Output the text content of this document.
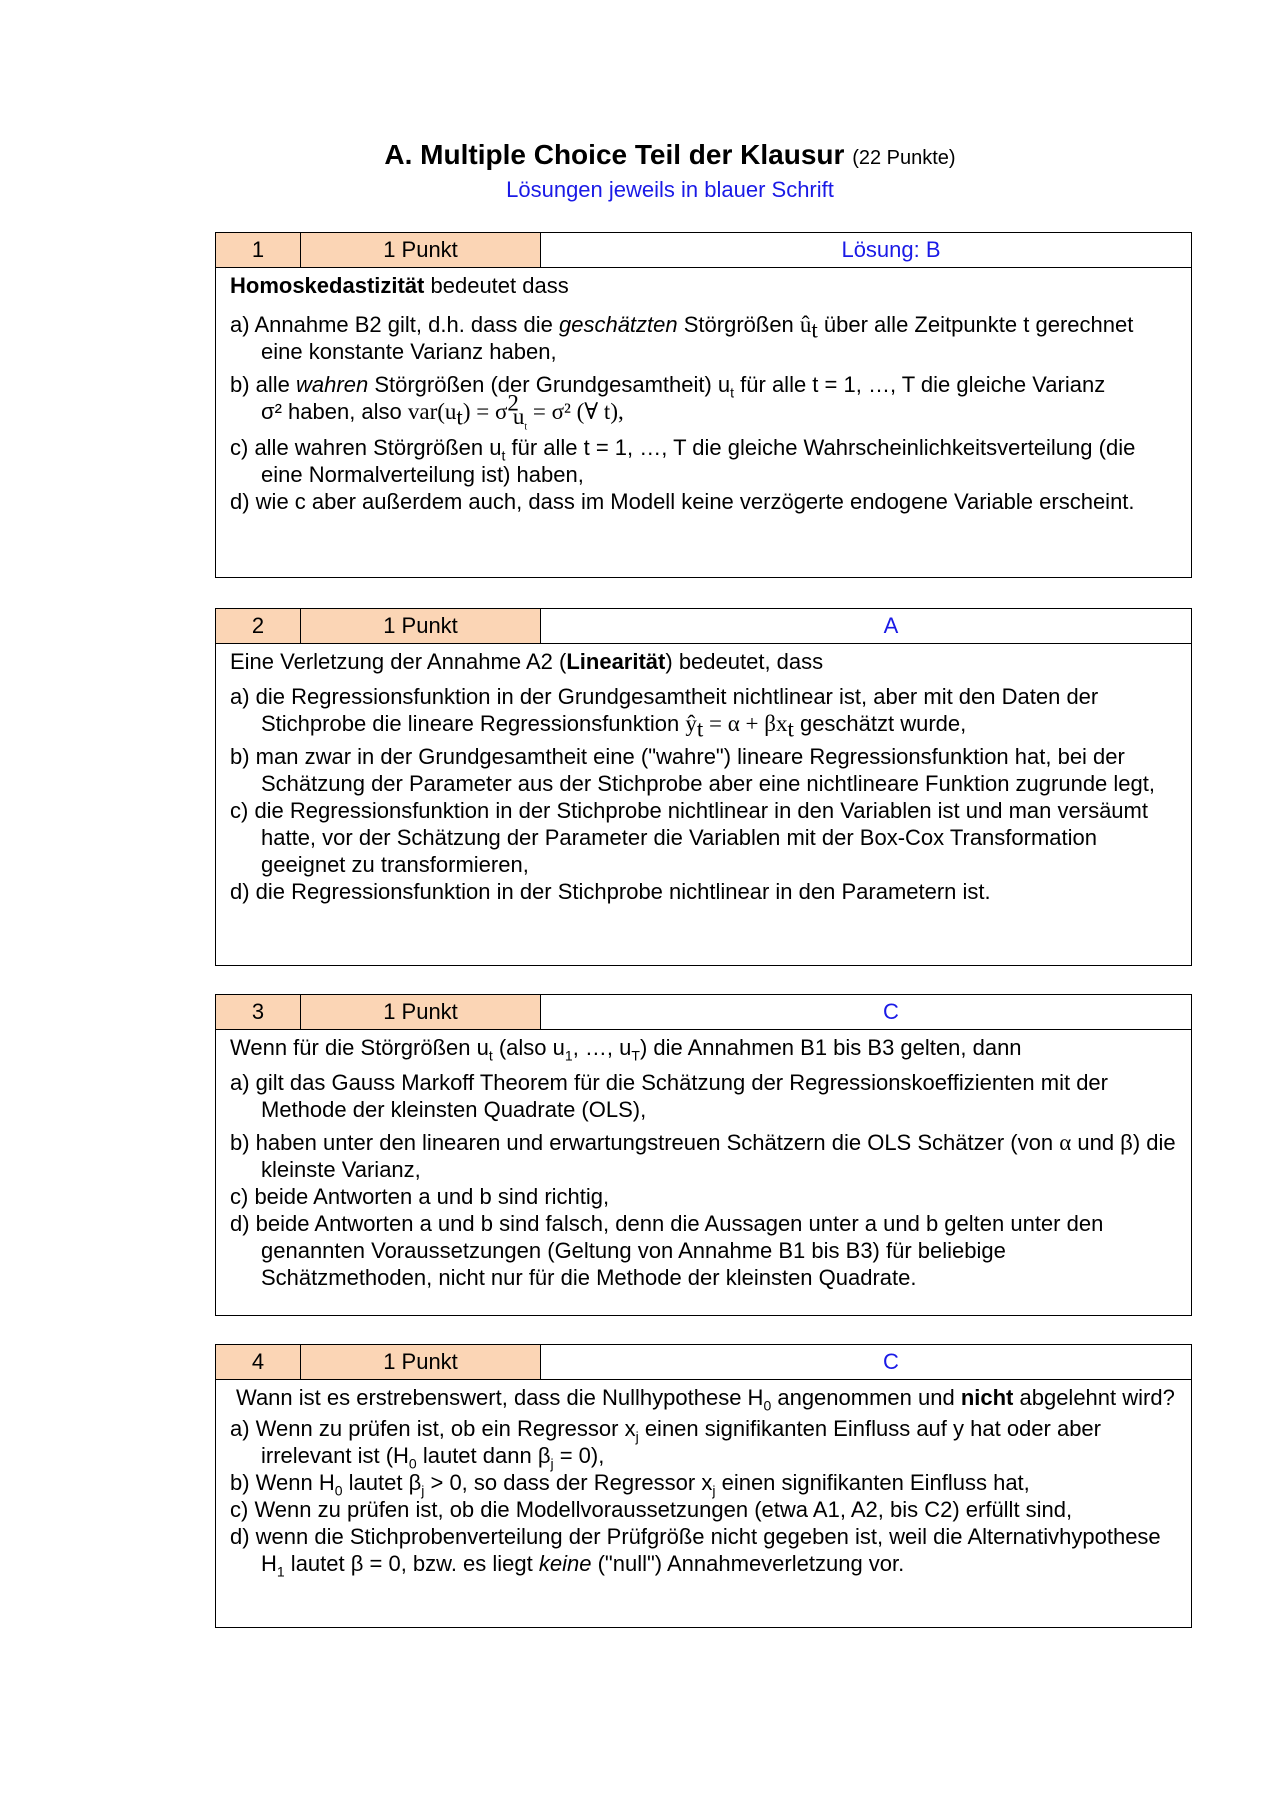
A. Multiple Choice Teil der Klausur (22 Punkte)
Lösungen jeweils in blauer Schrift
1	1 Punkt	Lösung: B

Homoskedastizität bedeutet dass

a) Annahme B2 gilt, d.h. dass die geschätzten Störgrößen $û_t$ über alle Zeitpunkte t gerechnet eine konstante Varianz haben,

b) alle wahren Störgrößen (der Grundgesamtheit) $u_t$ für alle t = 1, …, T die gleiche Varianz
σ² haben, also $var(u_t) = \sigma^2_{u_t} = \sigma^2$ (∀ t),

c) alle wahren Störgrößen $u_t$ für alle t = 1, …, T die gleiche Wahrscheinlichkeitsverteilung (die eine Normalverteilung ist) haben,

d) wie c aber außerdem auch, dass im Modell keine verzögerte endogene Variable erscheint.

2	1 Punkt	A

Eine Verletzung der Annahme A2 (Linearität) bedeutet, dass

a) die Regressionsfunktion in der Grundgesamtheit nichtlinear ist, aber mit den Daten der Stichprobe die lineare Regressionsfunktion $ŷ_t = \alpha + \beta x_t$ geschätzt wurde,

b) man zwar in der Grundgesamtheit eine ("wahre") lineare Regressionsfunktion hat, bei der Schätzung der Parameter aus der Stichprobe aber eine nichtlineare Funktion zugrunde legt,

c) die Regressionsfunktion in der Stichprobe nichtlinear in den Variablen ist und man versäumt hatte, vor der Schätzung der Parameter die Variablen mit der Box-Cox Transformation geeignet zu transformieren,

d) die Regressionsfunktion in der Stichprobe nichtlinear in den Parametern ist.

3	1 Punkt	C

Wenn für die Störgrößen $u_t$ (also $u_1$, …, $u_T$) die Annahmen B1 bis B3 gelten, dann

a) gilt das Gauss Markoff Theorem für die Schätzung der Regressionskoeffizienten mit der Methode der kleinsten Quadrate (OLS),

b) haben unter den linearen und erwartungstreuen Schätzern die OLS Schätzer (von α und β) die kleinste Varianz,

c) beide Antworten a und b sind richtig,

d) beide Antworten a und b sind falsch, denn die Aussagen unter a und b gelten unter den genannten Voraussetzungen (Geltung von Annahme B1 bis B3) für beliebige Schätzmethoden, nicht nur für die Methode der kleinsten Quadrate.

4	1 Punkt	C

Wann ist es erstrebenswert, dass die Nullhypothese $H_0$ angenommen und nicht abgelehnt wird?

a) Wenn zu prüfen ist, ob ein Regressor $x_j$ einen signifikanten Einfluss auf y hat oder aber irrelevant ist ($H_0$ lautet dann $\beta_j = 0$),

b) Wenn $H_0$ lautet $\beta_j > 0$, so dass der Regressor $x_j$ einen signifikanten Einfluss hat,

c) Wenn zu prüfen ist, ob die Modellvoraussetzungen (etwa A1, A2, bis C2) erfüllt sind,

d) wenn die Stichprobenverteilung der Prüfgröße nicht gegeben ist, weil die Alternativhypothese $H_1$ lautet β = 0, bzw. es liegt keine ("null") Annahmeverletzung vor.
